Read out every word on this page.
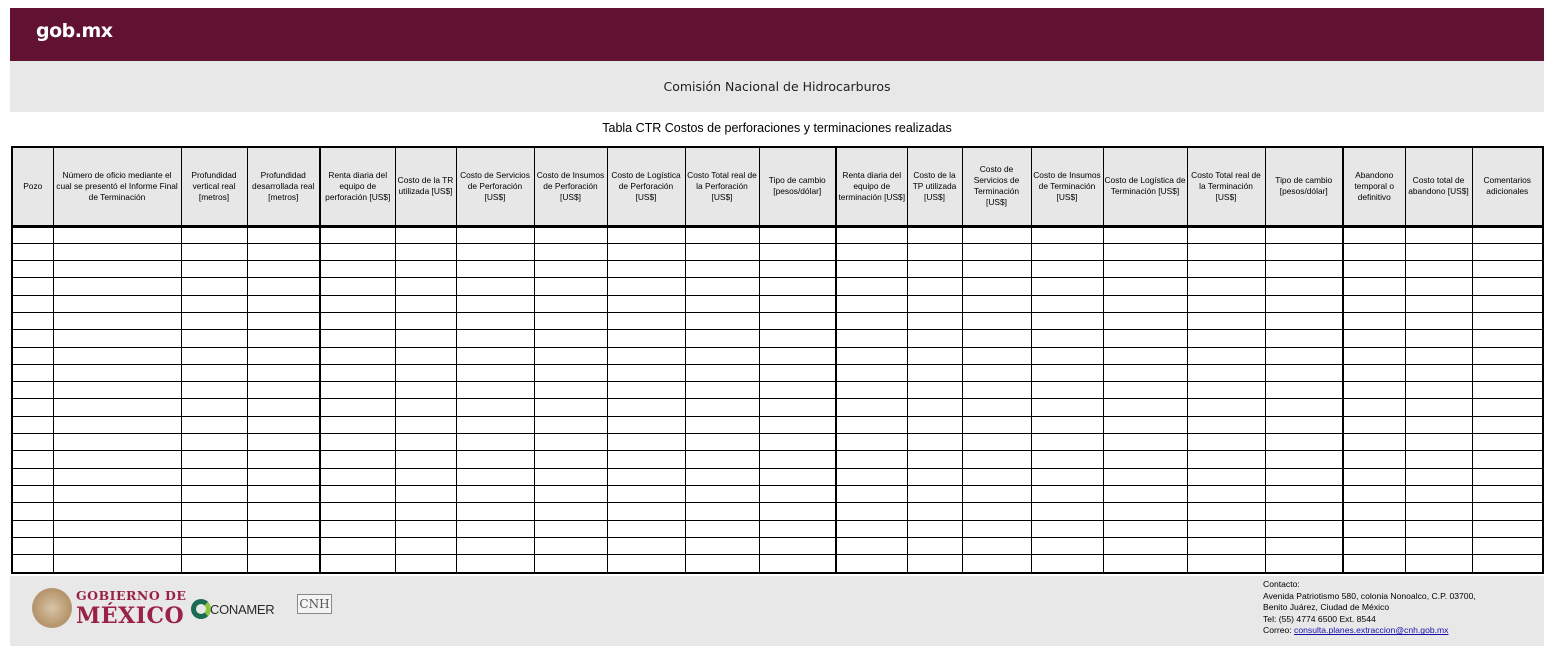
gob.mx
Comisión Nacional de Hidrocarburos
Tabla CTR Costos de perforaciones y terminaciones realizadas
Pozo	Número de oficio mediante el cual se presentó el Informe Final de Terminación	Profundidad vertical real [metros]	Profundidad desarrollada real [metros]	Renta diaria del equipo de perforación [US$]	Costo de la TR utilizada [US$]	Costo de Servicios de Perforación [US$]	Costo de Insumos de Perforación [US$]	Costo de Logística de Perforación [US$]	Costo Total real de la Perforación [US$]	Tipo de cambio [pesos/dólar]	Renta diaria del equipo de terminación [US$]	Costo de la TP utilizada [US$]	Costo de Servicios de Terminación [US$]	Costo de Insumos de Terminación [US$]	Costo de Logística de Terminación [US$]	Costo Total real de la Terminación [US$]	Tipo de cambio [pesos/dólar]	Abandono temporal o definitivo	Costo total de abandono [US$]	Comentarios adicionales

GOBIERNO DE
MÉXICO CONAMER CNH
Contacto:
Avenida Patriotismo 580, colonia Nonoalco, C.P. 03700,
Benito Juárez, Ciudad de México
Tel: (55) 4774 6500 Ext. 8544
Correo: consulta.planes.extraccion@cnh.gob.mx
